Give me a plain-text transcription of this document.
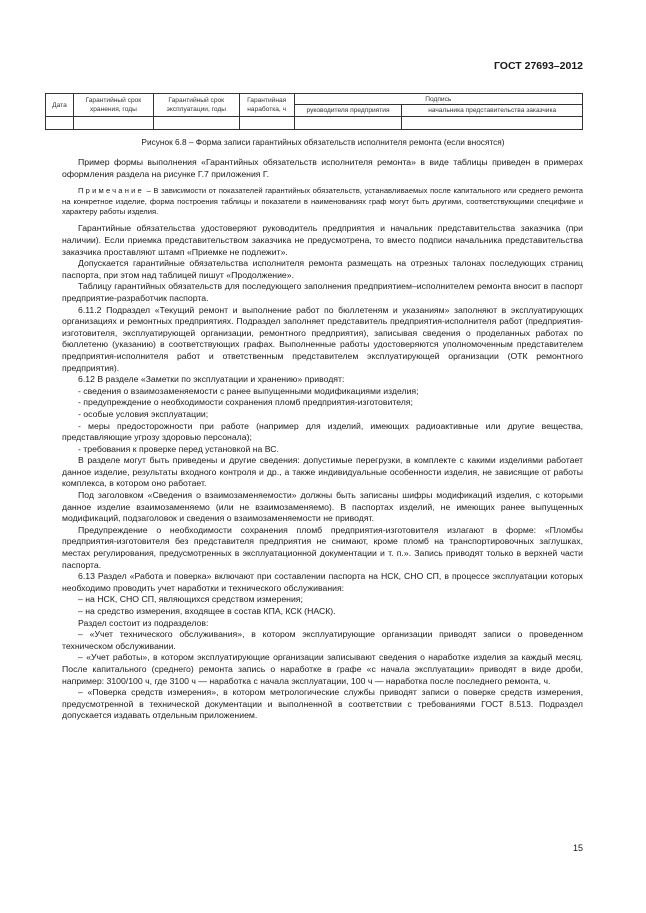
ГОСТ 27693–2012
Дата	Гарантийный срок хранения, годы	Гарантийный срок эксплуатации, годы	Гарантийная наработка, ч	Подпись	
				руководителя предприятия	начальника представительства заказчика

Рисунок 6.8 – Форма записи гарантийных обязательств исполнителя ремонта (если вносятся)

Пример формы выполнения «Гарантийных обязательств исполнителя ремонта» в виде таблицы приведен в примерах оформления раздела на рисунке Г.7 приложения Г.

Примечание – В зависимости от показателей гарантийных обязательств, устанавливаемых после капитального или среднего ремонта на конкретное изделие, форма построения таблицы и показатели в наименованиях граф могут быть другими, соответствующими специфике и характеру работы изделия.

Гарантийные обязательства удостоверяют руководитель предприятия и начальник представительства заказчика (при наличии). Если приемка представительством заказчика не предусмотрена, то вместо подписи начальника представительства заказчика проставляют штамп «Приемке не подлежит».

Допускается гарантийные обязательства исполнителя ремонта размещать на отрезных талонах последующих страниц паспорта, при этом над таблицей пишут «Продолжение».

Таблицу гарантийных обязательств для последующего заполнения предприятием–исполнителем ремонта вносит в паспорт предприятие-разработчик паспорта.

6.11.2 Подраздел «Текущий ремонт и выполнение работ по бюллетеням и указаниям» заполняют в эксплуатирующих организациях и ремонтных предприятиях. Подраздел заполняет представитель предприятия-исполнителя работ (предприятия-изготовителя, эксплуатирующей организации, ремонтного предприятия), записывая сведения о проделанных работах по бюллетеню (указанию) в соответствующих графах. Выполненные работы удостоверяются уполномоченным представителем предприятия-исполнителя работ и ответственным представителем эксплуатирующей организации (ОТК ремонтного предприятия).

6.12 В разделе «Заметки по эксплуатации и хранению» приводят:

- сведения о взаимозаменяемости с ранее выпущенными модификациями изделия;

- предупреждение о необходимости сохранения пломб предприятия-изготовителя;

- особые условия эксплуатации;

- меры предосторожности при работе (например для изделий, имеющих радиоактивные или другие вещества, представляющие угрозу здоровью персонала);

- требования к проверке перед установкой на ВС.

В разделе могут быть приведены и другие сведения: допустимые перегрузки, в комплекте с какими изделиями работает данное изделие, результаты входного контроля и др., а также индивидуальные особенности изделия, не зависящие от работы комплекса, в котором оно работает.

Под заголовком «Сведения о взаимозаменяемости» должны быть записаны шифры модификаций изделия, с которыми данное изделие взаимозаменяемо (или не взаимозаменяемо). В паспортах изделий, не имеющих ранее выпущенных модификаций, подзаголовок и сведения о взаимозаменяемости не приводят.

Предупреждение о необходимости сохранения пломб предприятия-изготовителя излагают в форме: «Пломбы предприятия-изготовителя без представителя предприятия не снимают, кроме пломб на транспортировочных заглушках, местах регулирования, предусмотренных в эксплуатационной документации и т. п.». Запись приводят только в верхней части паспорта.

6.13 Раздел «Работа и поверка» включают при составлении паспорта на НСК, СНО СП, в процессе эксплуатации которых необходимо проводить учет наработки и технического обслуживания:

– на НСК, СНО СП, являющихся средством измерения;

– на средство измерения, входящее в состав КПА, КСК (НАСК).

Раздел состоит из подразделов:

– «Учет технического обслуживания», в котором эксплуатирующие организации приводят записи о проведенном техническом обслуживании.

– «Учет работы», в котором эксплуатирующие организации записывают сведения о наработке изделия за каждый месяц. После капитального (среднего) ремонта запись о наработке в графе «с начала эксплуатации» приводят в виде дроби, например: 3100/100 ч, где 3100 ч — наработка с начала эксплуатации, 100 ч — наработка после последнего ремонта, ч.

– «Поверка средств измерения», в котором метрологические службы приводят записи о поверке средств измерения, предусмотренной в технической документации и выполненной в соответствии с требованиями ГОСТ 8.513. Подраздел допускается издавать отдельным приложением.

15
